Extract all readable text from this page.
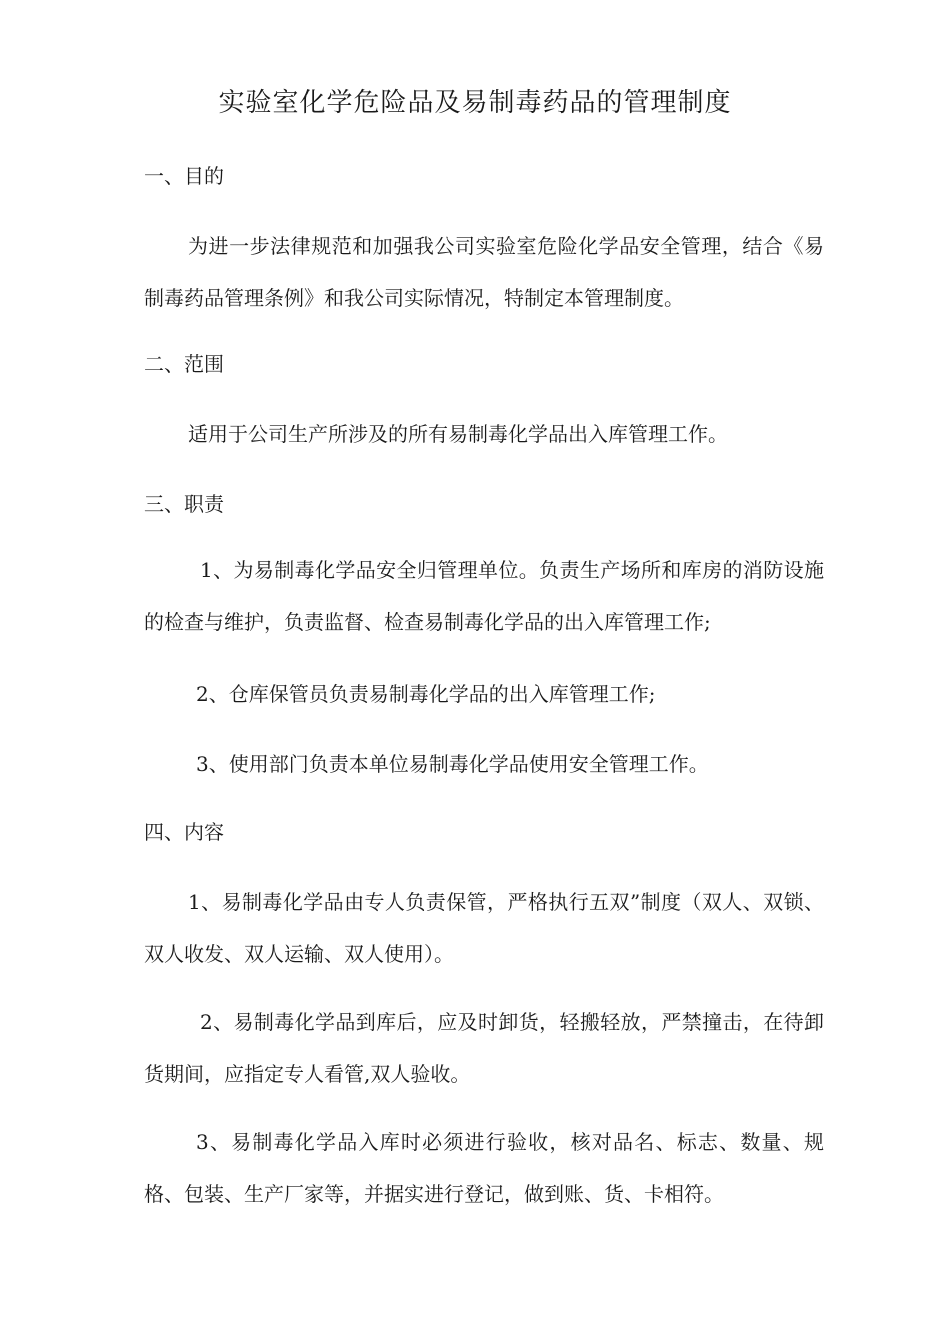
实验室化学危险品及易制毒药品的管理制度
一、目的

为进一步法律规范和加强我公司实验室危险化学品安全管理，结合《易制毒药品管理条例》和我公司实际情况，特制定本管理制度。

二、范围

适用于公司生产所涉及的所有易制毒化学品出入库管理工作。

三、职责

1、为易制毒化学品安全归管理单位。负责生产场所和库房的消防设施的检查与维护，负责监督、检查易制毒化学品的出入库管理工作;

2、仓库保管员负责易制毒化学品的出入库管理工作;

3、使用部门负责本单位易制毒化学品使用安全管理工作。

四、内容

1、易制毒化学品由专人负责保管，严格执行五双”制度（双人、双锁、双人收发、双人运输、双人使用）。

2、易制毒化学品到库后，应及时卸货，轻搬轻放，严禁撞击，在待卸货期间，应指定专人看管,双人验收。

3、易制毒化学品入库时必须进行验收，核对品名、标志、数量、规格、包装、生产厂家等，并据实进行登记，做到账、货、卡相符。
